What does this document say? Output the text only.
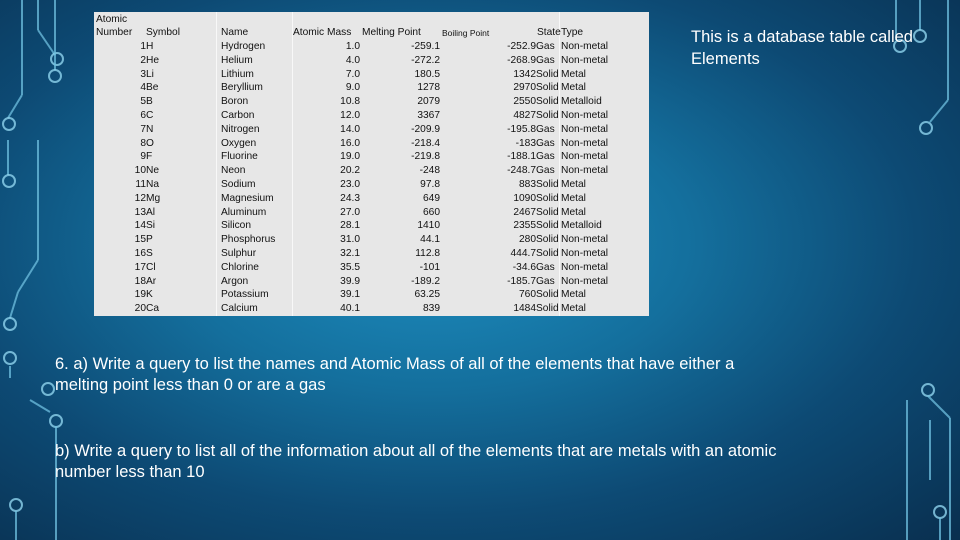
Atomic
Number
1
2
3
4
5
6
7
8
9
10
11
12
13
14
15
16
17
18
19
20
Symbol
H
He
Li
Be
B
C
N
O
F
Ne
Na
Mg
Al
Si
P
S
Cl
Ar
K
Ca
Name
Hydrogen
Helium
Lithium
Beryllium
Boron
Carbon
Nitrogen
Oxygen
Fluorine
Neon
Sodium
Magnesium
Aluminum
Silicon
Phosphorus
Sulphur
Chlorine
Argon
Potassium
Calcium
Atomic Mass
1.0
4.0
7.0
9.0
10.8
12.0
14.0
16.0
19.0
20.2
23.0
24.3
27.0
28.1
31.0
32.1
35.5
39.9
39.1
40.1
Melting Point
-259.1
-272.2
180.5
1278
2079
3367
-209.9
-218.4
-219.8
-248
97.8
649
660
1410
44.1
112.8
-101
-189.2
63.25
839
Boiling Point
-252.9
-268.9
1342
2970
2550
4827
-195.8
-183
-188.1
-248.7
883
1090
2467
2355
280
444.7
-34.6
-185.7
760
1484
State
Gas
Gas
Solid
Solid
Solid
Solid
Gas
Gas
Gas
Gas
Solid
Solid
Solid
Solid
Solid
Solid
Gas
Gas
Solid
Solid
Type
Non-metal
Non-metal
Metal
Metal
Metalloid
Non-metal
Non-metal
Non-metal
Non-metal
Non-metal
Metal
Metal
Metal
Metalloid
Non-metal
Non-metal
Non-metal
Non-metal
Metal
Metal
This is a database table called Elements
6. a) Write a query to list the names and Atomic Mass of all of the elements that have either a melting point less than 0 or are a gas
b) Write a query to list all of the information about all of the elements that are metals with an atomic number less than 10
